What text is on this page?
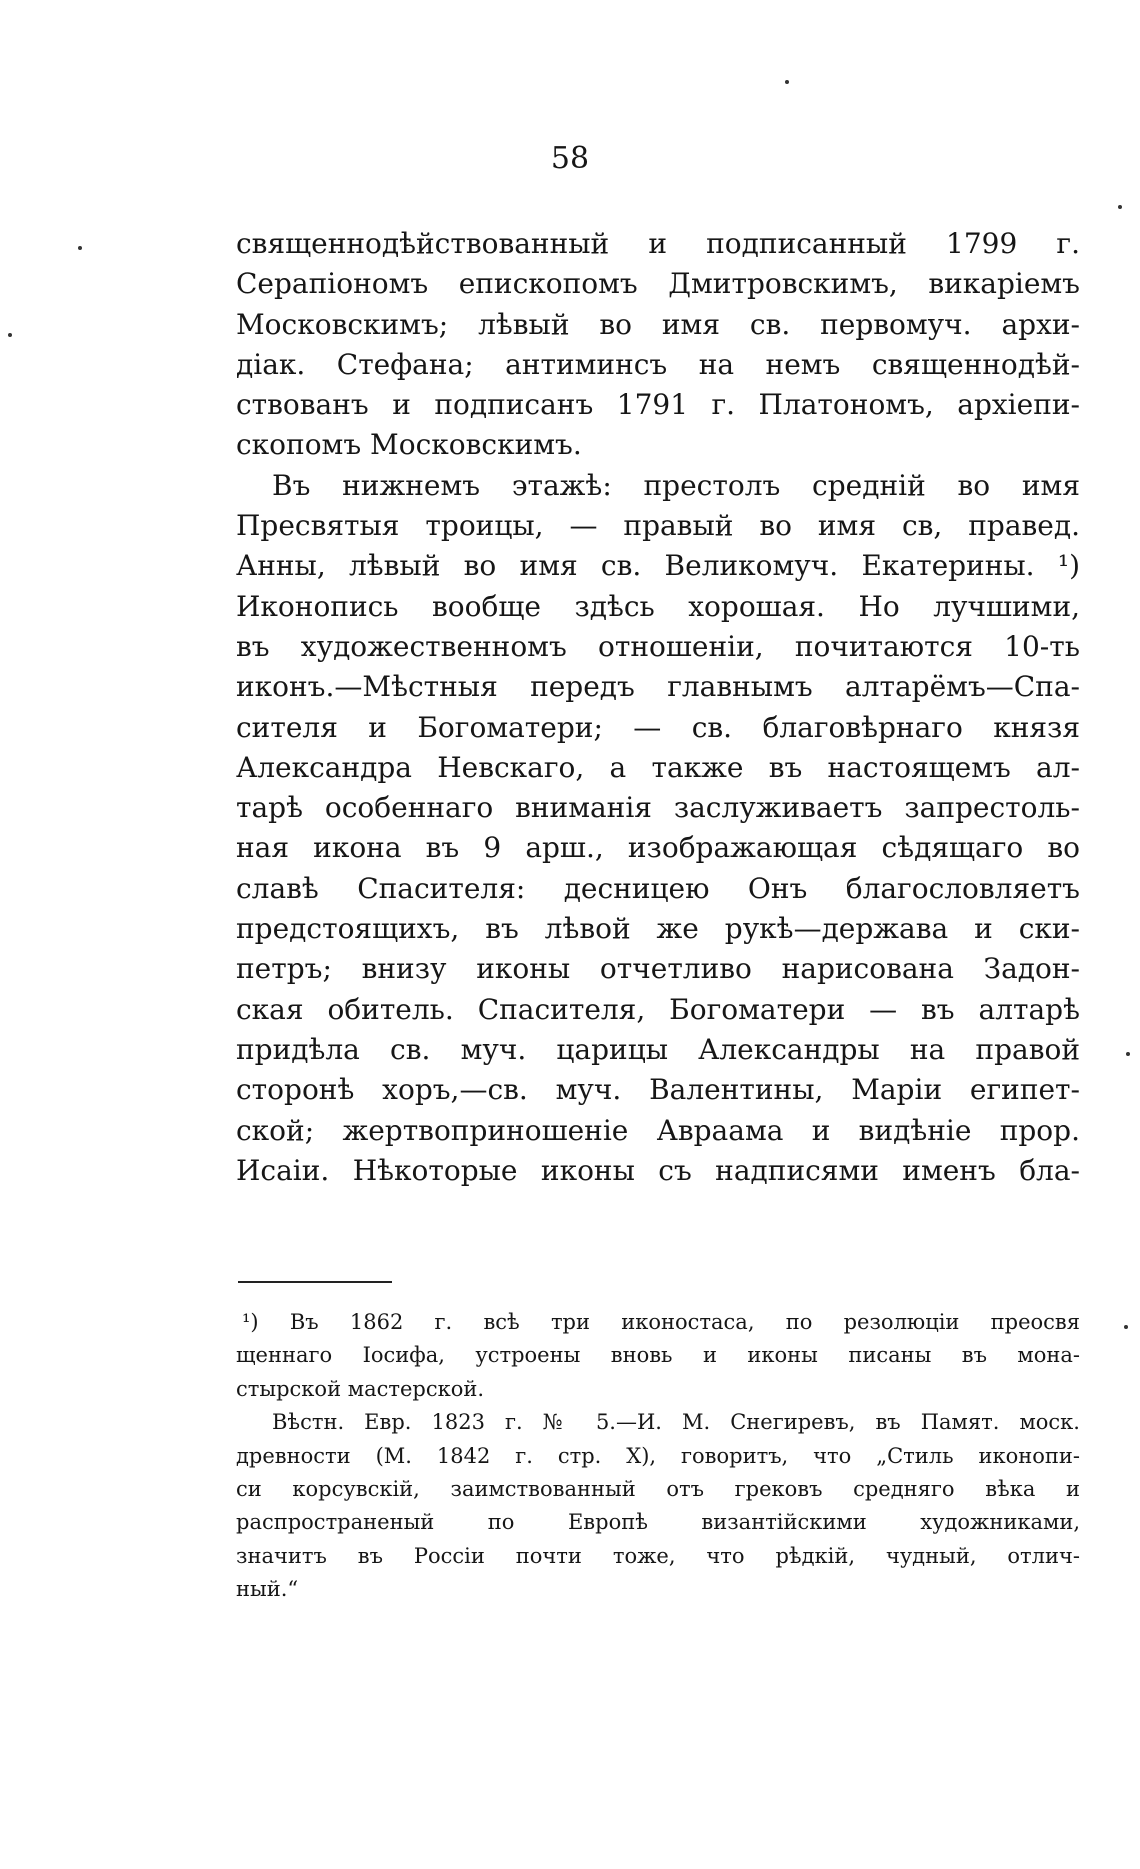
58
священнодѣйствованный и подписанный 1799 г.
Серапіономъ епископомъ Дмитровскимъ, викаріемъ
Московскимъ; лѣвый во имя св. первомуч. архи-
діак. Стефана; антиминсъ на немъ священнодѣй-
ствованъ и подписанъ 1791 г. Платономъ, архіепи-
скопомъ Московскимъ.
Въ нижнемъ этажѣ: престолъ средній во имя
Пресвятыя троицы, — правый во имя св, правед.
Анны, лѣвый во имя св. Великомуч. Екатерины. ¹)
Иконопись вообще здѣсь хорошая. Но лучшими,
въ художественномъ отношеніи, почитаются 10-ть
иконъ.—Мѣстныя передъ главнымъ алтарёмъ—Спа-
сителя и Богоматери; — св. благовѣрнаго князя
Александра Невскаго, а также въ настоящемъ ал-
тарѣ особеннаго вниманія заслуживаетъ запрестоль-
ная икона въ 9 арш., изображающая сѣдящаго во
славѣ Спасителя: десницею Онъ благословляетъ
предстоящихъ, въ лѣвой же рукѣ—держава и ски-
петръ; внизу иконы отчетливо нарисована Задон-
ская обитель. Спасителя, Богоматери — въ алтарѣ
придѣла св. муч. царицы Александры на правой
сторонѣ хоръ,—св. муч. Валентины, Маріи египет-
ской; жертвоприношеніе Авраама и видѣніе прор.
Исаіи. Нѣкоторые иконы съ надписями именъ бла-
¹) Въ 1862 г. всѣ три иконостаса, по резолюціи преосвя
щеннаго Іосифа, устроены вновь и иконы писаны въ мона-
стырской мастерской.
Вѣстн. Евр. 1823 г. № 5.—И. М. Снегиревъ, въ Памят. моск.
древности (М. 1842 г. стр. X), говоритъ, что „Стиль иконопи-
си корсувскій, заимствованный отъ грековъ средняго вѣка и
распространеный по Европѣ византійскими художниками,
значитъ въ Россіи почти тоже, что рѣдкій, чудный, отлич-
ный.“
